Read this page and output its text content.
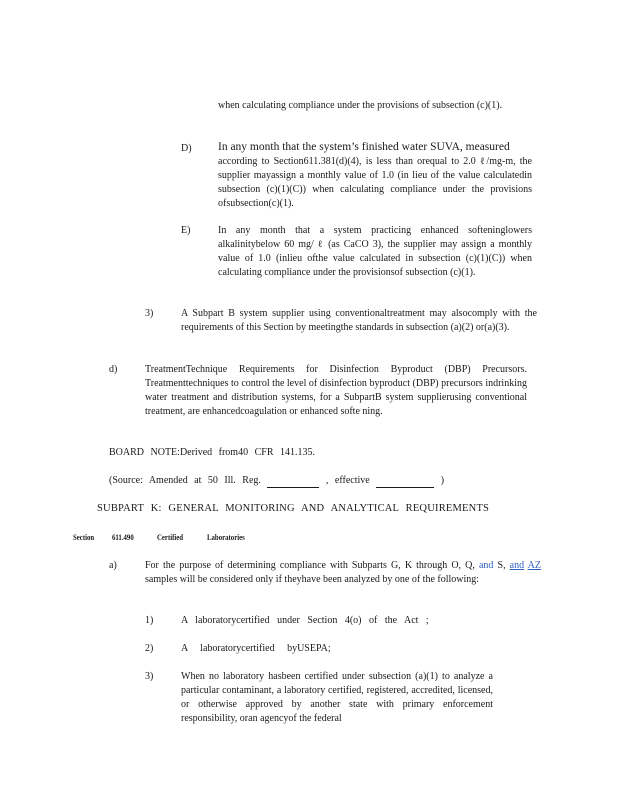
when calculating compliance under the provisions of subsection (c)(1).
D) In any month that the system’s finished water SUVA, measured
according to Section611.381(d)(4), is less than orequal to 2.0 ℓ/mg-m, the supplier mayassign a monthly value of 1.0 (in lieu of the value calculatedin subsection (c)(1)(C)) when calculating compliance under the provisions ofsubsection(c)(1).
E)	In any month that a system practicing enhanced softeninglowers alkalinitybelow 60 mg/ ℓ (as CaCO 3), the supplier may assign a monthly value of 1.0 (inlieu ofthe value calculated in subsection (c)(1)(C)) when calculating compliance under the provisionsof subsection (c)(1).
3)	A Subpart B system supplier using conventionaltreatment may alsocomply with the requirements of this Section by meetingthe standards in subsection (a)(2) or(a)(3).
d)	TreatmentTechnique Requirements for Disinfection Byproduct (DBP) Precursors. Treatmenttechniques to control the level of disinfection byproduct (DBP) precursors indrinking water treatment and distribution systems, for a SubpartB system supplierusing conventional treatment, are enhancedcoagulation or enhanced softe ning.
BOARD NOTE:Derived from40 CFR 141.135.
(Source: Amended at 50 Ill. Reg.	, effective	)
SUBPART K: GENERAL MONITORING AND ANALYTICAL REQUIREMENTS
Section 611.490	Certified	Laboratories
a)	For the purpose of determining compliance with Subparts G, K through O, Q, and S, and AZ samples will be considered only if theyhave been analyzed by one of the following:
1)	A laboratorycertified under Section 4(o) of the Act ;
2)	A laboratorycertified byUSEPA;
3)	When no laboratory hasbeen certified under subsection (a)(1) to analyze a particular contaminant, a laboratory certified, registered, accredited, licensed, or otherwise approved by another state with primary enforcement responsibility, oran agencyof the federal
